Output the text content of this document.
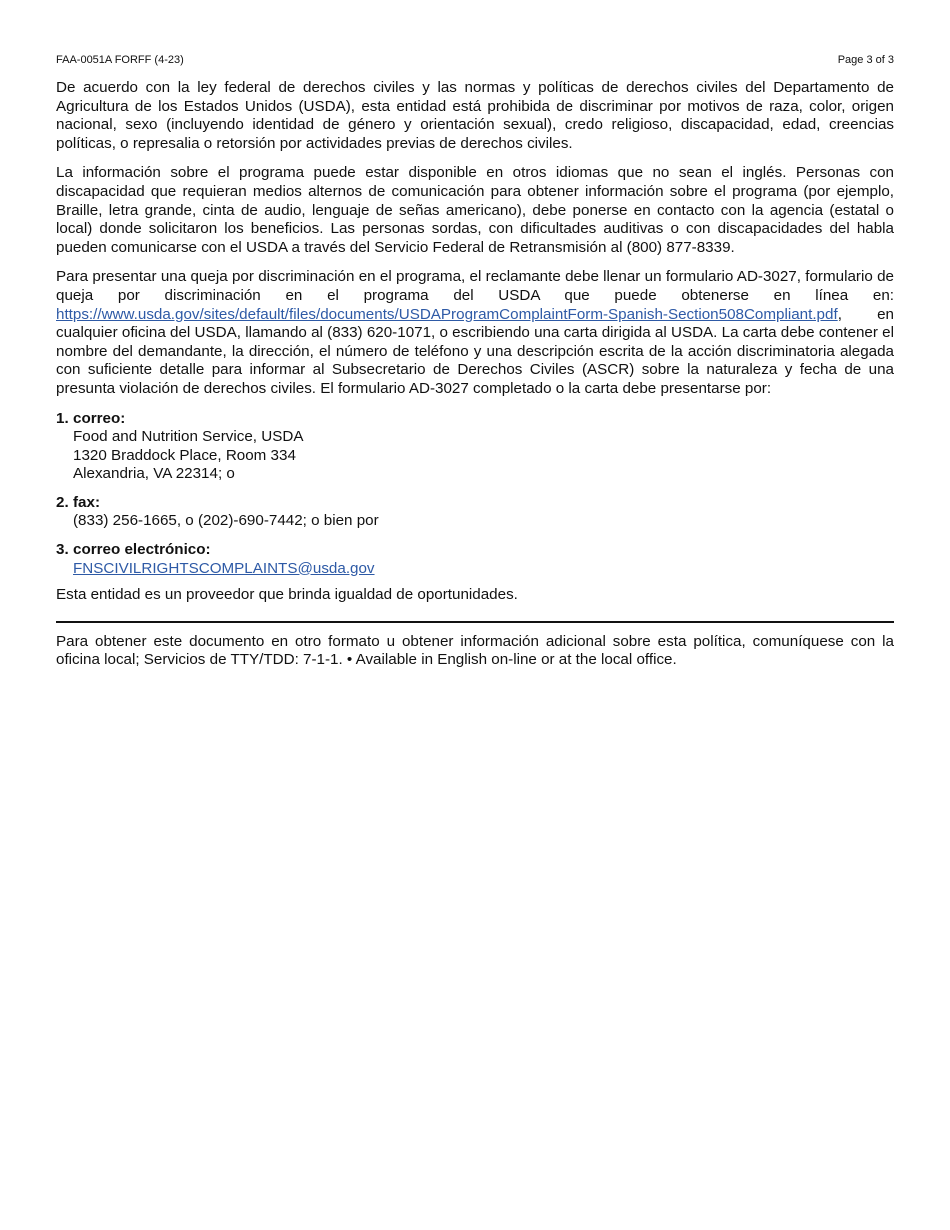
FAA-0051A FORFF (4-23)	Page 3 of 3

De acuerdo con la ley federal de derechos civiles y las normas y políticas de derechos civiles del Departamento de Agricultura de los Estados Unidos (USDA), esta entidad está prohibida de discriminar por motivos de raza, color, origen nacional, sexo (incluyendo identidad de género y orientación sexual), credo religioso, discapacidad, edad, creencias políticas, o represalia o retorsión por actividades previas de derechos civiles.

La información sobre el programa puede estar disponible en otros idiomas que no sean el inglés. Personas con discapacidad que requieran medios alternos de comunicación para obtener información sobre el programa (por ejemplo, Braille, letra grande, cinta de audio, lenguaje de señas americano), debe ponerse en contacto con la agencia (estatal o local) donde solicitaron los beneficios. Las personas sordas, con dificultades auditivas o con discapacidades del habla pueden comunicarse con el USDA a través del Servicio Federal de Retransmisión al (800) 877-8339.

Para presentar una queja por discriminación en el programa, el reclamante debe llenar un formulario AD-3027, formulario de queja por discriminación en el programa del USDA que puede obtenerse en línea en: https://www.usda.gov/sites/default/files/documents/USDAProgramComplaintForm-Spanish-Section508Compliant.pdf, en cualquier oficina del USDA, llamando al (833) 620-1071, o escribiendo una carta dirigida al USDA. La carta debe contener el nombre del demandante, la dirección, el número de teléfono y una descripción escrita de la acción discriminatoria alegada con suficiente detalle para informar al Subsecretario de Derechos Civiles (ASCR) sobre la naturaleza y fecha de una presunta violación de derechos civiles. El formulario AD-3027 completado o la carta debe presentarse por:

1. correo:
Food and Nutrition Service, USDA
1320 Braddock Place, Room 334
Alexandria, VA 22314; o
2. fax:
(833) 256-1665, o (202)-690-7442; o bien por
3. correo electrónico:
FNSCIVILRIGHTSCOMPLAINTS@usda.gov

Esta entidad es un proveedor que brinda igualdad de oportunidades.

Para obtener este documento en otro formato u obtener información adicional sobre esta política, comuníquese con la oficina local; Servicios de TTY/TDD: 7-1-1. • Available in English on-line or at the local office.
